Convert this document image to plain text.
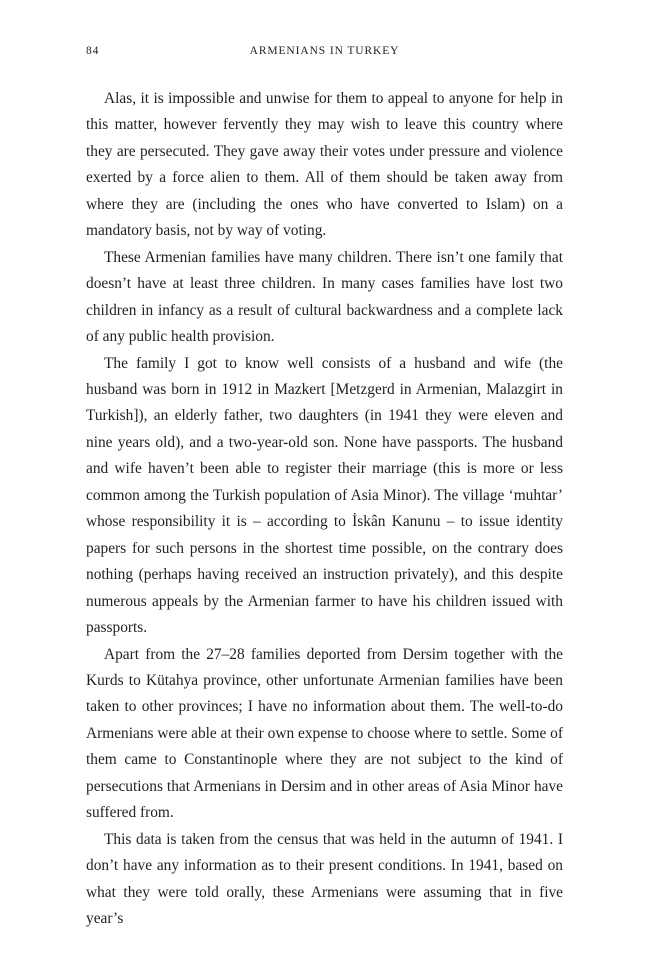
84	ARMENIANS IN TURKEY

Alas, it is impossible and unwise for them to appeal to anyone for help in this matter, however fervently they may wish to leave this country where they are persecuted. They gave away their votes under pressure and violence exerted by a force alien to them. All of them should be taken away from where they are (including the ones who have converted to Islam) on a mandatory basis, not by way of voting.

These Armenian families have many children. There isn’t one family that doesn’t have at least three children. In many cases families have lost two children in infancy as a result of cultural backwardness and a complete lack of any public health provision.

The family I got to know well consists of a husband and wife (the husband was born in 1912 in Mazkert [Metzgerd in Armenian, Malazgirt in Turkish]), an elderly father, two daughters (in 1941 they were eleven and nine years old), and a two-year-old son. None have passports. The husband and wife haven’t been able to register their marriage (this is more or less common among the Turkish population of Asia Minor). The village ‘muhtar’ whose responsibility it is – according to İskân Kanunu – to issue identity papers for such persons in the shortest time possible, on the contrary does nothing (perhaps having received an instruction privately), and this despite numerous appeals by the Armenian farmer to have his children issued with passports.

Apart from the 27–28 families deported from Dersim together with the Kurds to Kütahya province, other unfortunate Armenian families have been taken to other provinces; I have no information about them. The well-to-do Armenians were able at their own expense to choose where to settle. Some of them came to Constantinople where they are not subject to the kind of persecutions that Armenians in Dersim and in other areas of Asia Minor have suffered from.

This data is taken from the census that was held in the autumn of 1941. I don’t have any information as to their present conditions. In 1941, based on what they were told orally, these Armenians were assuming that in five year’s
